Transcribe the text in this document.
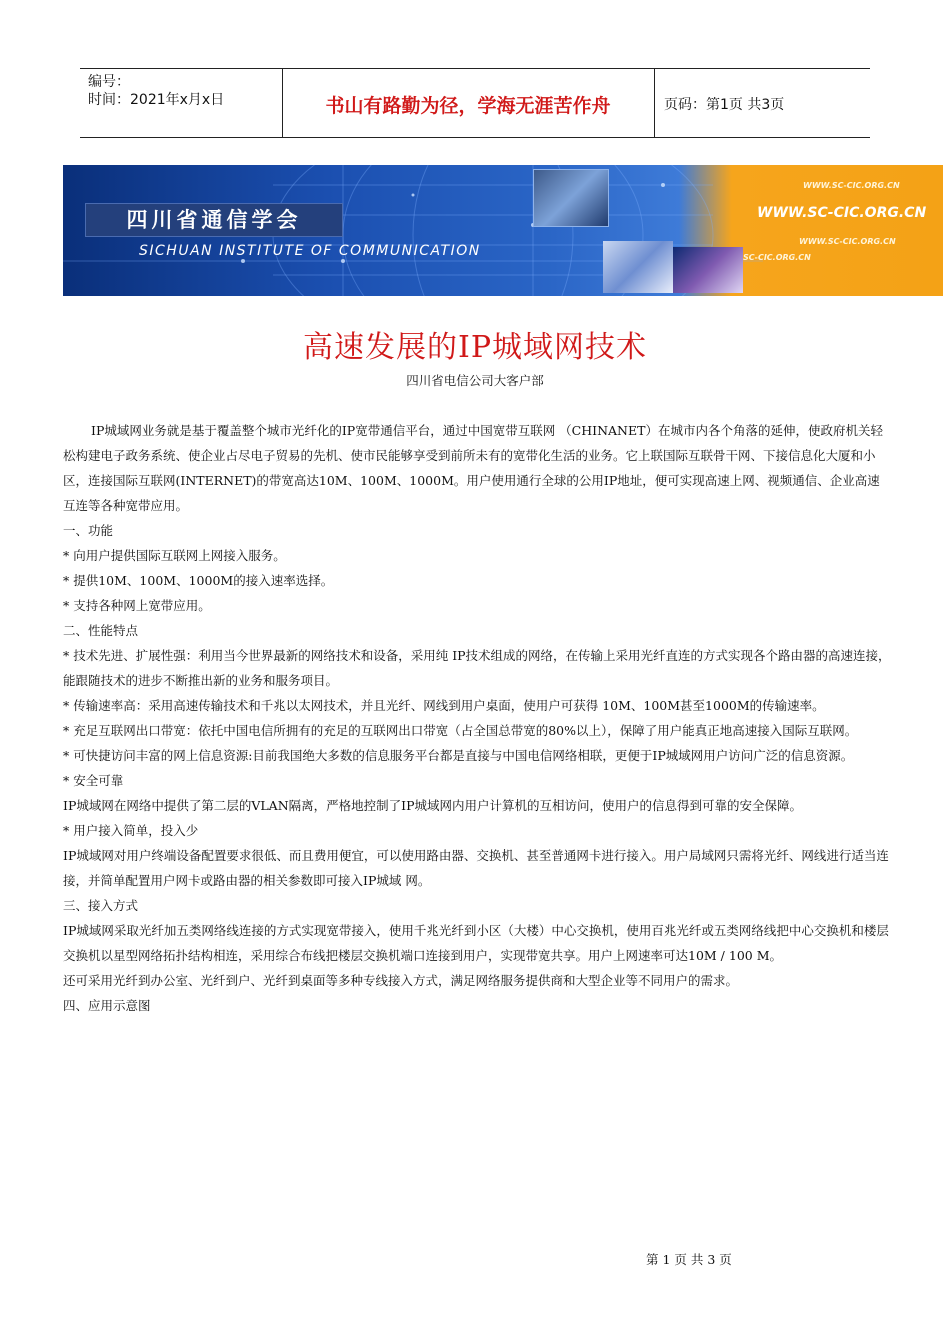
编号：
时间：2021年x月x日	书山有路勤为径，学海无涯苦作舟	页码：第1页 共3页
四川省通信学会
SICHUAN INSTITUTE OF COMMUNICATION
WWW.SC-CIC.ORG.CN
WWW.SC-CIC.ORG.CN
WWW.SC-CIC.ORG.CN
SC-CIC.ORG.CN
高速发展的IP城域网技术
四川省电信公司大客户部

IP城域网业务就是基于覆盖整个城市光纤化的IP宽带通信平台，通过中国宽带互联网 （CHINANET）在城市内各个角落的延伸，使政府机关轻松构建电子政务系统、使企业占尽电子贸易的先机、使市民能够享受到前所未有的宽带化生活的业务。它上联国际互联骨干网、下接信息化大厦和小区，连接国际互联网(INTERNET)的带宽高达10M、100M、1000M。用户使用通行全球的公用IP地址，便可实现高速上网、视频通信、企业高速互连等各种宽带应用。

一、功能

* 向用户提供国际互联网上网接入服务。

* 提供10M、100M、1000M的接入速率选择。

* 支持各种网上宽带应用。

二、性能特点

* 技术先进、扩展性强：利用当今世界最新的网络技术和设备，采用纯 IP技术组成的网络，在传输上采用光纤直连的方式实现各个路由器的高速连接，能跟随技术的进步不断推出新的业务和服务项目。

* 传输速率高：采用高速传输技术和千兆以太网技术，并且光纤、网线到用户桌面，使用户可获得 10M、100M甚至1000M的传输速率。

* 充足互联网出口带宽：依托中国电信所拥有的充足的互联网出口带宽（占全国总带宽的80%以上），保障了用户能真正地高速接入国际互联网。

* 可快捷访问丰富的网上信息资源:目前我国绝大多数的信息服务平台都是直接与中国电信网络相联，更便于IP城域网用户访问广泛的信息资源。

* 安全可靠

IP城域网在网络中提供了第二层的VLAN隔离，严格地控制了IP城域网内用户计算机的互相访问，使用户的信息得到可靠的安全保障。

* 用户接入简单，投入少

IP城域网对用户终端设备配置要求很低、而且费用便宜，可以使用路由器、交换机、甚至普通网卡进行接入。用户局域网只需将光纤、网线进行适当连接，并简单配置用户网卡或路由器的相关参数即可接入IP城域 网。

三、接入方式

IP城域网采取光纤加五类网络线连接的方式实现宽带接入，使用千兆光纤到小区（大楼）中心交换机，使用百兆光纤或五类网络线把中心交换机和楼层交换机以星型网络拓扑结构相连，采用综合布线把楼层交换机端口连接到用户，实现带宽共享。用户上网速率可达10M / 100 M。

还可采用光纤到办公室、光纤到户、光纤到桌面等多种专线接入方式，满足网络服务提供商和大型企业等不同用户的需求。

四、应用示意图

第 1 页 共 3 页
